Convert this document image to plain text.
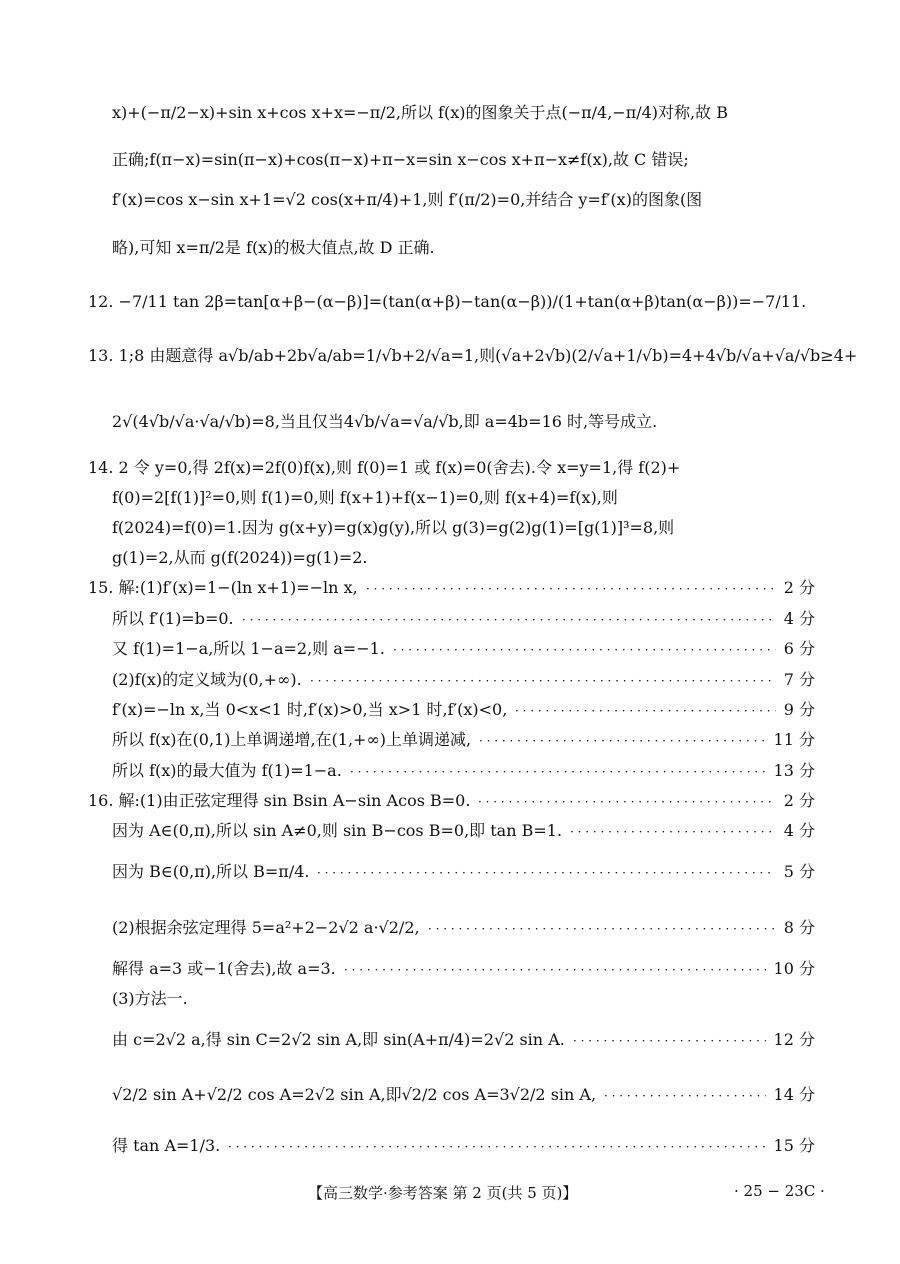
x)+(−π/2−x)+sin x+cos x+x=−π/2,所以 f(x)的图象关于点(−π/4,−π/4)对称,故 B
正确;f(π−x)=sin(π−x)+cos(π−x)+π−x=sin x−cos x+π−x≠f(x),故 C 错误;
f′(x)=cos x−sin x+1=√2 cos(x+π/4)+1,则 f′(π/2)=0,并结合 y=f′(x)的图象(图
略),可知 x=π/2是 f(x)的极大值点,故 D 正确.
12. −7/11 tan 2β=tan[α+β−(α−β)]=(tan(α+β)−tan(α−β))/(1+tan(α+β)tan(α−β))=−7/11.
13. 1;8 由题意得 a√b/ab+2b√a/ab=1/√b+2/√a=1,则(√a+2√b)(2/√a+1/√b)=4+4√b/√a+√a/√b≥4+
2√(4√b/√a·√a/√b)=8,当且仅当4√b/√a=√a/√b,即 a=4b=16 时,等号成立.
14. 2 令 y=0,得 2f(x)=2f(0)f(x),则 f(0)=1 或 f(x)=0(舍去).令 x=y=1,得 f(2)+
f(0)=2[f(1)]²=0,则 f(1)=0,则 f(x+1)+f(x−1)=0,则 f(x+4)=f(x),则
f(2024)=f(0)=1.因为 g(x+y)=g(x)g(y),所以 g(3)=g(2)g(1)=[g(1)]³=8,则
g(1)=2,从而 g(f(2024))=g(1)=2.
15. 解:(1)f′(x)=1−(ln x+1)=−ln x,	2 分
· · ·
所以 f′(1)=b=0.	4 分
· · ·
又 f(1)=1−a,所以 1−a=2,则 a=−1.	6 分
· · ·
(2)f(x)的定义域为(0,+∞).	7 分
· · ·
f′(x)=−ln x,当 0<x<1 时,f′(x)>0,当 x>1 时,f′(x)<0,	9 分
· · ·
所以 f(x)在(0,1)上单调递增,在(1,+∞)上单调递减,	11 分
· · ·
所以 f(x)的最大值为 f(1)=1−a.	13 分
· · ·
16. 解:(1)由正弦定理得 sin Bsin A−sin Acos B=0.	2 分
· · ·
因为 A∈(0,π),所以 sin A≠0,则 sin B−cos B=0,即 tan B=1.	4 分
· · ·
因为 B∈(0,π),所以 B=π/4.	5 分
· · ·
(2)根据余弦定理得 5=a²+2−2√2 a·√2/2,	8 分
· · ·
解得 a=3 或−1(舍去),故 a=3.	10 分
· · ·
(3)方法一.
由 c=2√2 a,得 sin C=2√2 sin A,即 sin(A+π/4)=2√2 sin A.	12 分
· · ·
√2/2 sin A+√2/2 cos A=2√2 sin A,即√2/2 cos A=3√2/2 sin A,	14 分
· · ·
得 tan A=1/3.	15 分
· · ·
【高三数学·参考答案 第 2 页(共 5 页)】	· 25 − 23C ·
